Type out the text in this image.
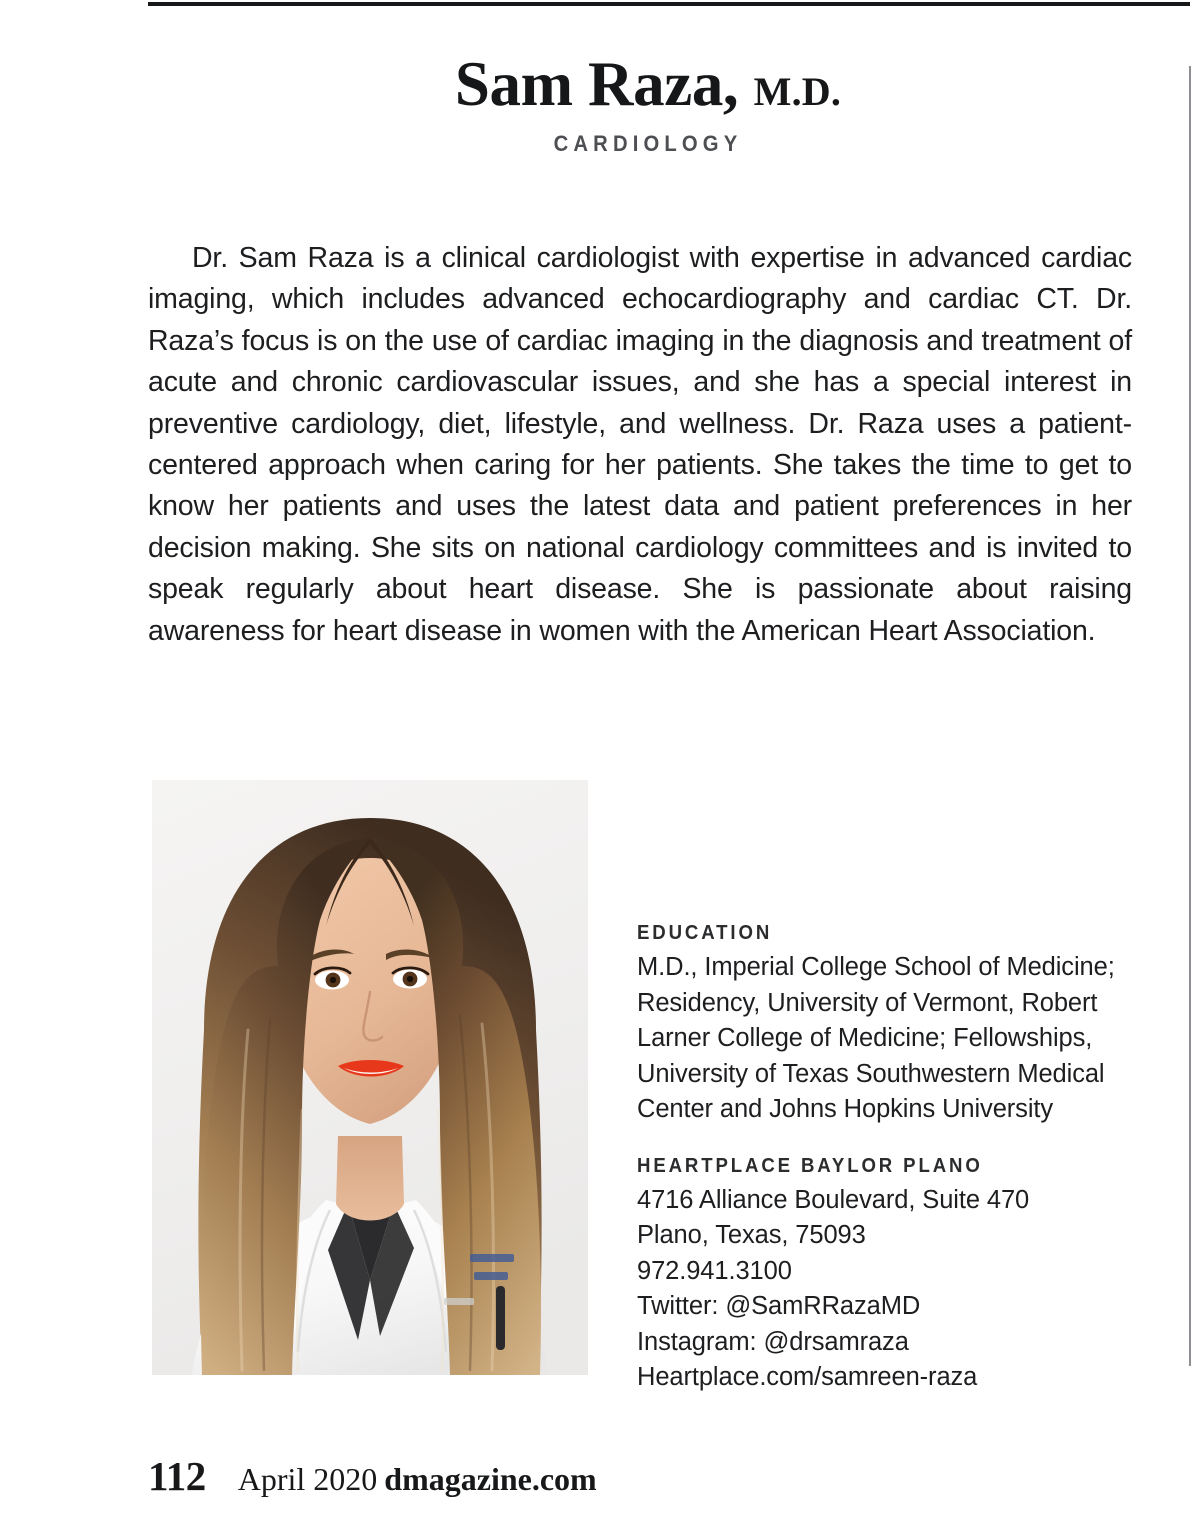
Sam Raza, M.D.
CARDIOLOGY
Dr. Sam Raza is a clinical cardiologist with expertise in advanced cardiac imaging, which includes advanced echocardiography and cardiac CT. Dr. Raza’s focus is on the use of cardiac imaging in the diagnosis and treatment of acute and chronic cardiovascular issues, and she has a special interest in preventive cardiology, diet, lifestyle, and wellness. Dr. Raza uses a patient-centered approach when caring for her patients. She takes the time to get to know her patients and uses the latest data and patient preferences in her decision making. She sits on national cardiology committees and is invited to speak regularly about heart disease. She is passionate about raising awareness for heart disease in women with the American Heart Association.
EDUCATION
M.D., Imperial College School of Medicine;
Residency, University of Vermont, Robert
Larner College of Medicine; Fellowships,
University of Texas Southwestern Medical
Center and Johns Hopkins University
HEARTPLACE BAYLOR PLANO
4716 Alliance Boulevard, Suite 470
Plano, Texas, 75093
972.941.3100
Twitter: @SamRRazaMD
Instagram: @drsamraza
Heartplace.com/samreen-raza
112 April 2020 dmagazine.com
